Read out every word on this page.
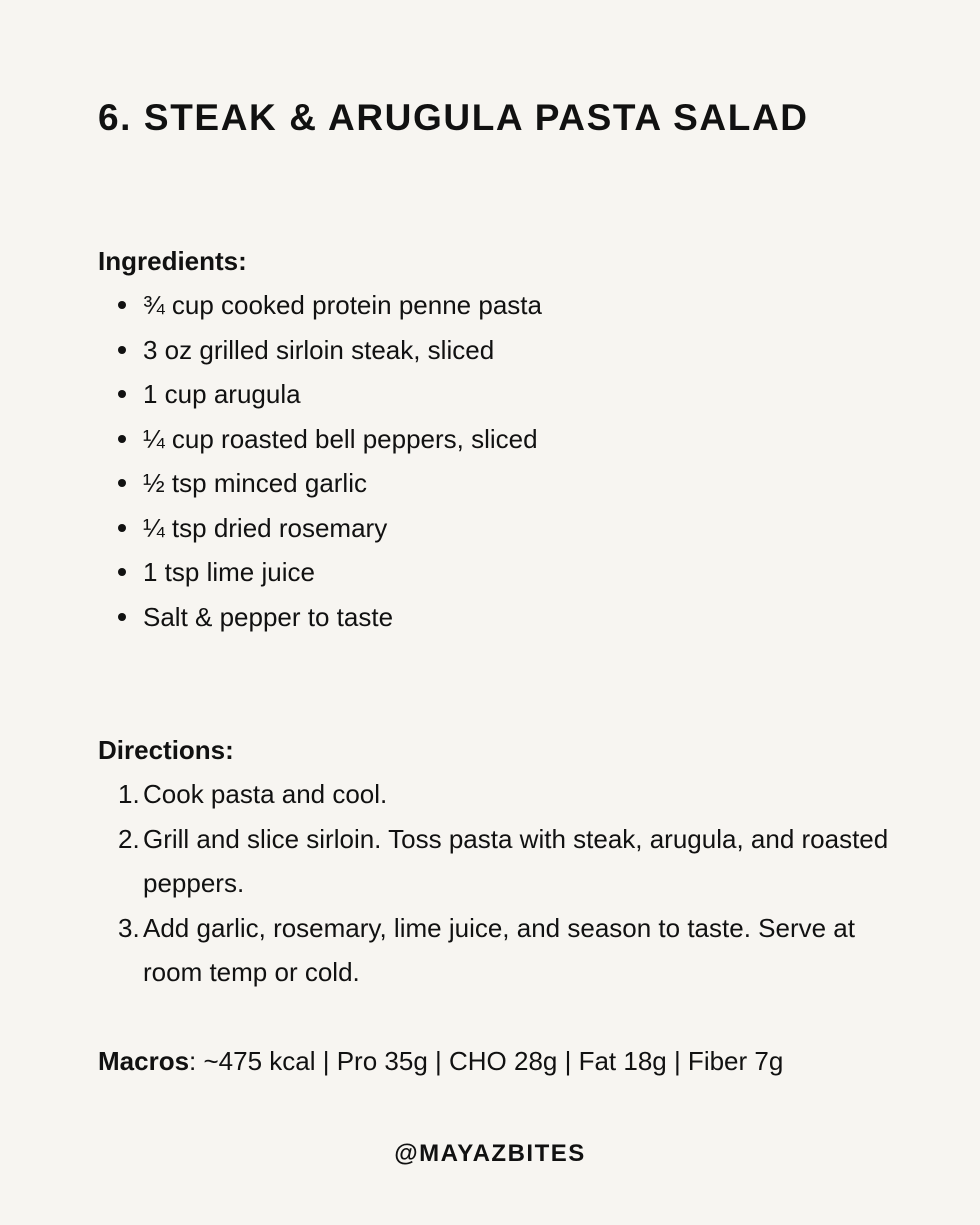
6. STEAK & ARUGULA PASTA SALAD
Ingredients:
¾ cup cooked protein penne pasta
3 oz grilled sirloin steak, sliced
1 cup arugula
¼ cup roasted bell peppers, sliced
½ tsp minced garlic
¼ tsp dried rosemary
1 tsp lime juice
Salt & pepper to taste
Directions:
1. Cook pasta and cool.
2. Grill and slice sirloin. Toss pasta with steak, arugula, and roasted peppers.
3. Add garlic, rosemary, lime juice, and season to taste. Serve at room temp or cold.

Macros: ~475 kcal | Pro 35g | CHO 28g | Fat 18g | Fiber 7g

@MAYAZBITES
